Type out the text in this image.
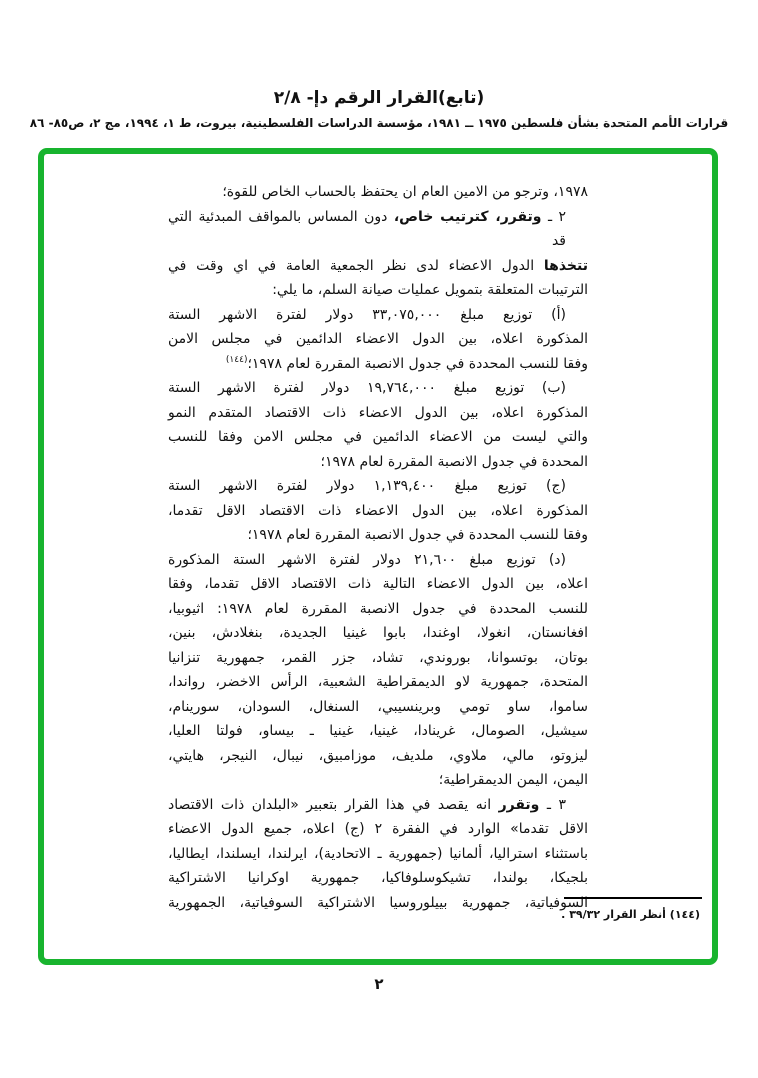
(تابع)القرار الرقم دإ- ٢/٨
قرارات الأمم المتحدة بشأن فلسطين ١٩٧٥ ــ ١٩٨١، مؤسسة الدراسات الفلسطينية، بيروت، ط ١، ١٩٩٤، مج ٢، ص٨٥- ٨٦
١٩٧٨، وترجو من الامين العام ان يحتفظ بالحساب الخاص للقوة؛
٢ ـ وتقرر، كترتيب خاص، دون المساس بالمواقف المبدئية التي قد
تتخذها الدول الاعضاء لدى نظر الجمعية العامة في اي وقت في
الترتيبات المتعلقة بتمويل عمليات صيانة السلم، ما يلي:
(أ) توزيع مبلغ ٣٣,٠٧٥,٠٠٠ دولار لفترة الاشهر الستة
المذكورة اعلاه، بين الدول الاعضاء الدائمين في مجلس الامن
وفقا للنسب المحددة في جدول الانصبة المقررة لعام ١٩٧٨؛$^{(١٤٤)}$
(ب) توزيع مبلغ ١٩,٧٦٤,٠٠٠ دولار لفترة الاشهر الستة
المذكورة اعلاه، بين الدول الاعضاء ذات الاقتصاد المتقدم النمو
والتي ليست من الاعضاء الدائمين في مجلس الامن وفقا للنسب
المحددة في جدول الانصبة المقررة لعام ١٩٧٨؛
(ج) توزيع مبلغ ١,١٣٩,٤٠٠ دولار لفترة الاشهر الستة
المذكورة اعلاه، بين الدول الاعضاء ذات الاقتصاد الاقل تقدما،
وفقا للنسب المحددة في جدول الانصبة المقررة لعام ١٩٧٨؛
(د) توزيع مبلغ ٢١,٦٠٠ دولار لفترة الاشهر الستة المذكورة
اعلاه، بين الدول الاعضاء التالية ذات الاقتصاد الاقل تقدما، وفقا
للنسب المحددة في جدول الانصبة المقررة لعام ١٩٧٨: اثيوبيا،
افغانستان، انغولا، اوغندا، بابوا غينيا الجديدة، بنغلادش، بنين،
بوتان، بوتسوانا، بوروندي، تشاد، جزر القمر، جمهورية تنزانيا
المتحدة، جمهورية لاو الديمقراطية الشعبية، الرأس الاخضر، رواندا،
ساموا، ساو تومي وبرينسيبي، السنغال، السودان، سورينام،
سيشيل، الصومال، غرينادا، غينيا، غينيا ـ بيساو، فولتا العليا،
ليزوتو، مالي، ملاوي، ملديف، موزامبيق، نيبال، النيجر، هايتي،
اليمن، اليمن الديمقراطية؛
٣ ـ وتقرر انه يقصد في هذا القرار بتعبير «البلدان ذات الاقتصاد
الاقل تقدما» الوارد في الفقرة ٢ (ج) اعلاه، جميع الدول الاعضاء
باستثناء استراليا، ألمانيا (جمهورية ـ الاتحادية)، ايرلندا، ايسلندا، ايطاليا،
بلجيكا، بولندا، تشيكوسلوفاكيا، جمهورية اوكرانيا الاشتراكية
السوفياتية، جمهورية بييلوروسيا الاشتراكية السوفياتية، الجمهورية
(١٤٤) أنظر القرار ٣٩/٣٢ .
٢
